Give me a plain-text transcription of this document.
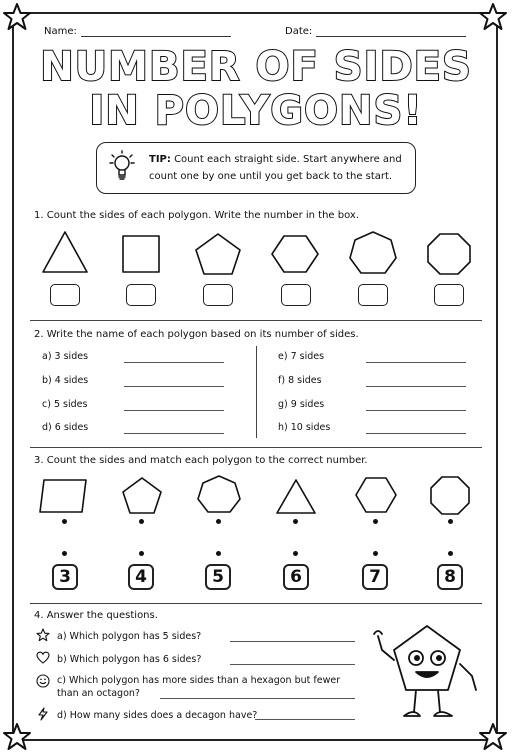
Name:	Date:
NUMBER OF SIDES
IN POLYGONS!
TIP: Count each straight side. Start anywhere and count one by one until you get back to the start.
1. Count the sides of each polygon. Write the number in the box.
2. Write the name of each polygon based on its number of sides.
a) 3 sides
b) 4 sides
c) 5 sides
d) 6 sides
e) 7 sides
f) 8 sides
g) 9 sides
h) 10 sides
3. Count the sides and match each polygon to the correct number.
3	4	5	6	7	8
4. Answer the questions.
a) Which polygon has 5 sides?
b) Which polygon has 6 sides?
c) Which polygon has more sides than a hexagon but fewer than an octagon?
d) How many sides does a decagon have?
